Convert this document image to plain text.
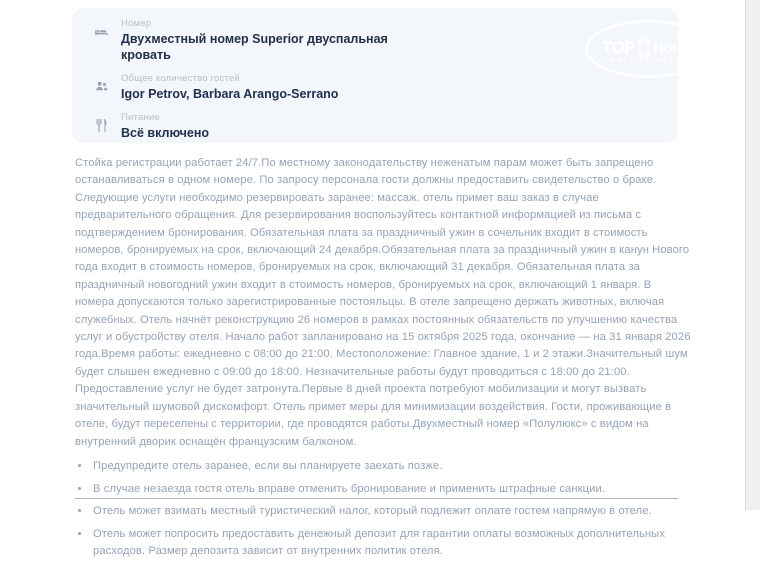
Номер
Двухместный номер Superior двуспальная кровать
Общее количество гостей
Igor Petrov, Barbara Arango-Serrano
Питание
Всё включено
TOP Hotels
ФОТО ТУРИСТОВ

Стойка регистрации работает 24/7.По местному законодательству неженатым парам может быть запрещено останавливаться в одном номере. По запросу персонала гости должны предоставить свидетельство о браке. Следующие услуги необходимо резервировать заранее: массаж. отель примет ваш заказ в случае предварительного обращения. Для резервирования воспользуйтесь контактной информацией из письма с подтверждением бронирования. Обязательная плата за праздничный ужин в сочельник входит в стоимость номеров, бронируемых на срок, включающий 24 декабря.Обязательная плата за праздничный ужин в канун Нового года входит в стоимость номеров, бронируемых на срок, включающий 31 декабря. Обязательная плата за праздничный новогодний ужин входит в стоимость номеров, бронируемых на срок, включающий 1 января. В номера допускаются только зарегистрированные постояльцы. В отеле запрещено держать животных, включая служебных. Отель начнёт реконструкцию 26 номеров в рамках постоянных обязательств по улучшению качества услуг и обустройству отеля. Начало работ запланировано на 15 октября 2025 года, окончание — на 31 января 2026 года.Время работы: ежедневно с 08:00 до 21:00. Местоположение: Главное здание, 1 и 2 этажи.Значительный шум будет слышен ежедневно с 09:00 до 18:00. Незначительные работы будут проводиться с 18:00 до 21:00. Предоставление услуг не будет затронута.Первые 8 дней проекта потребуют мобилизации и могут вызвать значительный шумовой дискомфорт. Отель примет меры для минимизации воздействия. Гости, проживающие в отеле, будут переселены с территории, где проводятся работы.Двухместный номер «Полулюкс» с видом на внутренний дворик оснащён французским балконом.

• Предупредите отель заранее, если вы планируете заехать позже.
• В случае незаезда гостя отель вправе отменить бронирование и применить штрафные санкции.
• Отель может взимать местный туристический налог, который подлежит оплате гостем напрямую в отеле.
• Отель может попросить предоставить денежный депозит для гарантии оплаты возможных дополнительных расходов. Размер депозита зависит от внутренних политик отеля.
